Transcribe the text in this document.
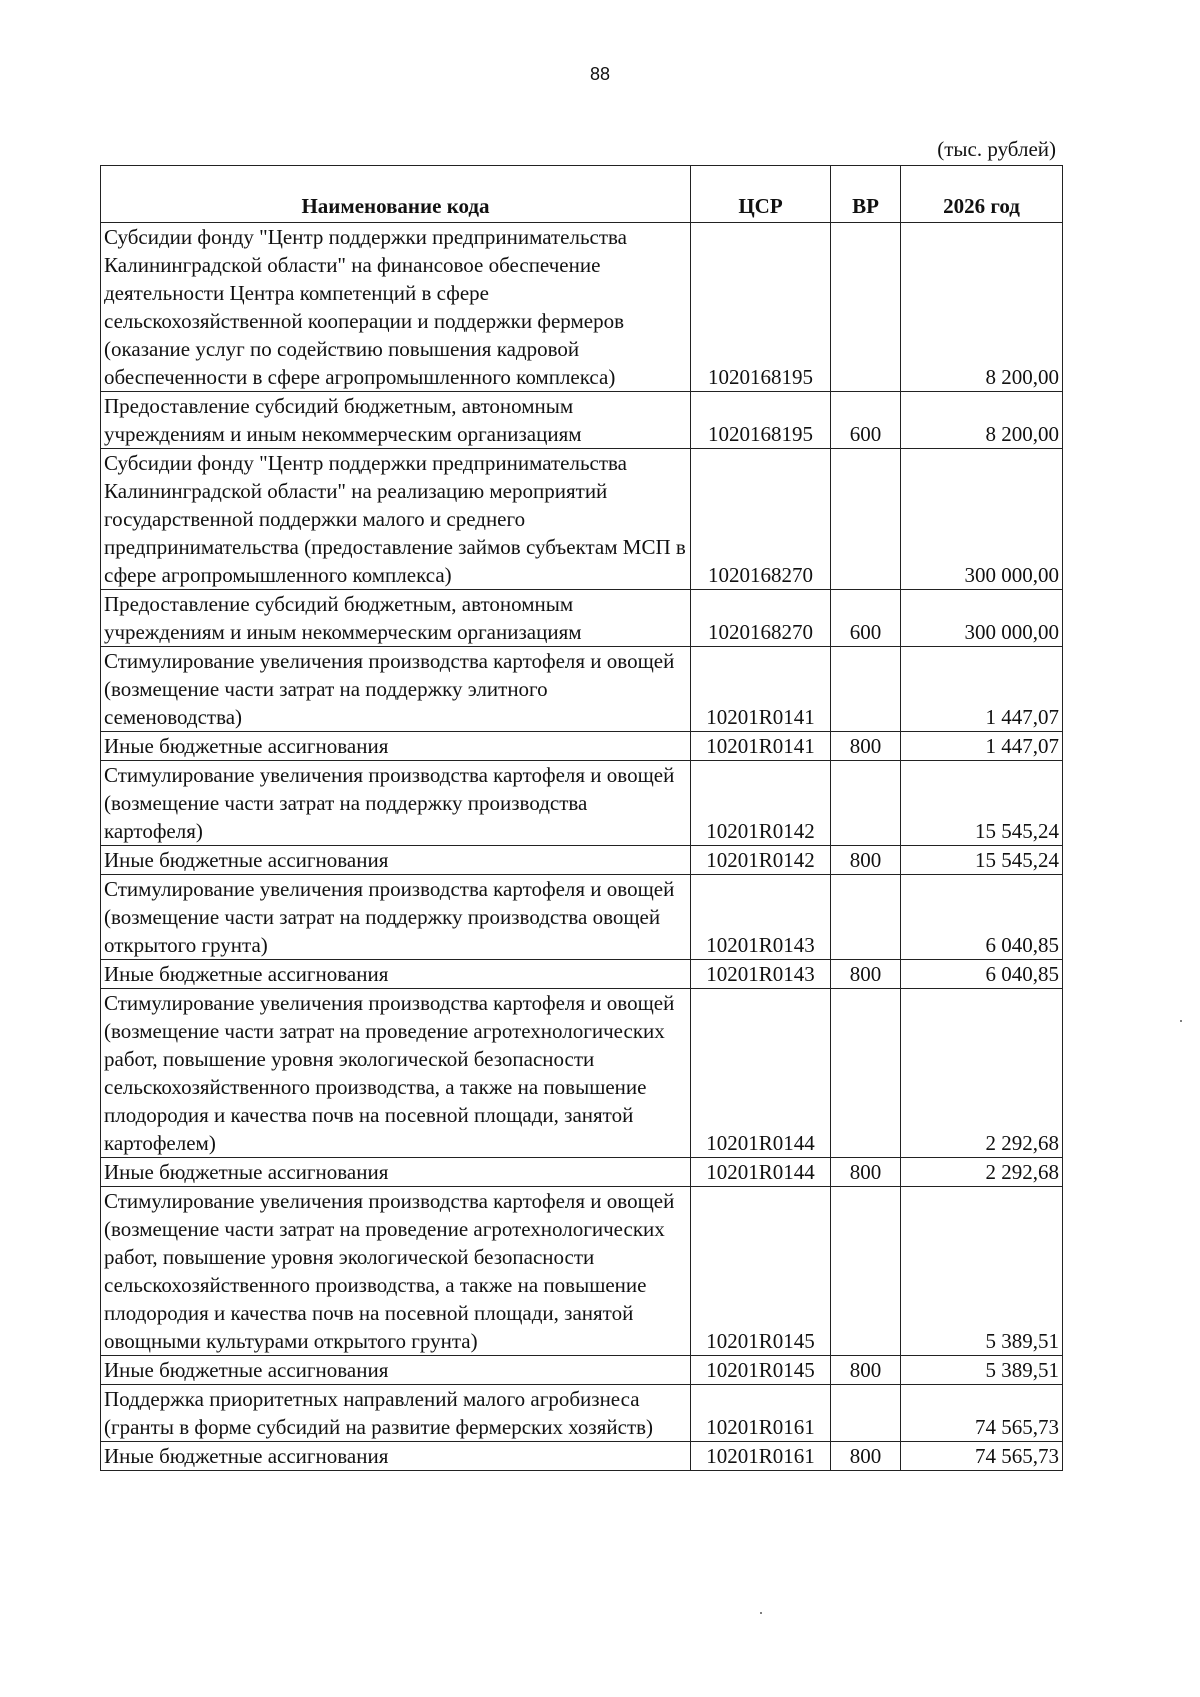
88
(тыс. рублей)
Наименование кода	ЦСР	ВР	2026 год
Субсидии фонду "Центр поддержки предпринимательства Калининградской области" на финансовое обеспечение деятельности Центра компетенций в сфере сельскохозяйственной кооперации и поддержки фермеров (оказание услуг по содействию повышения кадровой обеспеченности в сфере агропромышленного комплекса)	1020168195		8 200,00
Предоставление субсидий бюджетным, автономным учреждениям и иным некоммерческим организациям	1020168195	600	8 200,00
Субсидии фонду "Центр поддержки предпринимательства Калининградской области" на реализацию мероприятий государственной поддержки малого и среднего предпринимательства (предоставление займов субъектам МСП в сфере агропромышленного комплекса)	1020168270		300 000,00
Предоставление субсидий бюджетным, автономным учреждениям и иным некоммерческим организациям	1020168270	600	300 000,00
Стимулирование увеличения производства картофеля и овощей (возмещение части затрат на поддержку элитного семеноводства)	10201R0141		1 447,07
Иные бюджетные ассигнования	10201R0141	800	1 447,07
Стимулирование увеличения производства картофеля и овощей (возмещение части затрат на поддержку производства картофеля)	10201R0142		15 545,24
Иные бюджетные ассигнования	10201R0142	800	15 545,24
Стимулирование увеличения производства картофеля и овощей (возмещение части затрат на поддержку производства овощей открытого грунта)	10201R0143		6 040,85
Иные бюджетные ассигнования	10201R0143	800	6 040,85
Стимулирование увеличения производства картофеля и овощей (возмещение части затрат на проведение агротехнологических работ, повышение уровня экологической безопасности сельскохозяйственного производства, а также на повышение плодородия и качества почв на посевной площади, занятой картофелем)	10201R0144		2 292,68
Иные бюджетные ассигнования	10201R0144	800	2 292,68
Стимулирование увеличения производства картофеля и овощей (возмещение части затрат на проведение агротехнологических работ, повышение уровня экологической безопасности сельскохозяйственного производства, а также на повышение плодородия и качества почв на посевной площади, занятой овощными культурами открытого грунта)	10201R0145		5 389,51
Иные бюджетные ассигнования	10201R0145	800	5 389,51
Поддержка приоритетных направлений малого агробизнеса (гранты в форме субсидий на развитие фермерских хозяйств)	10201R0161		74 565,73
Иные бюджетные ассигнования	10201R0161	800	74 565,73
